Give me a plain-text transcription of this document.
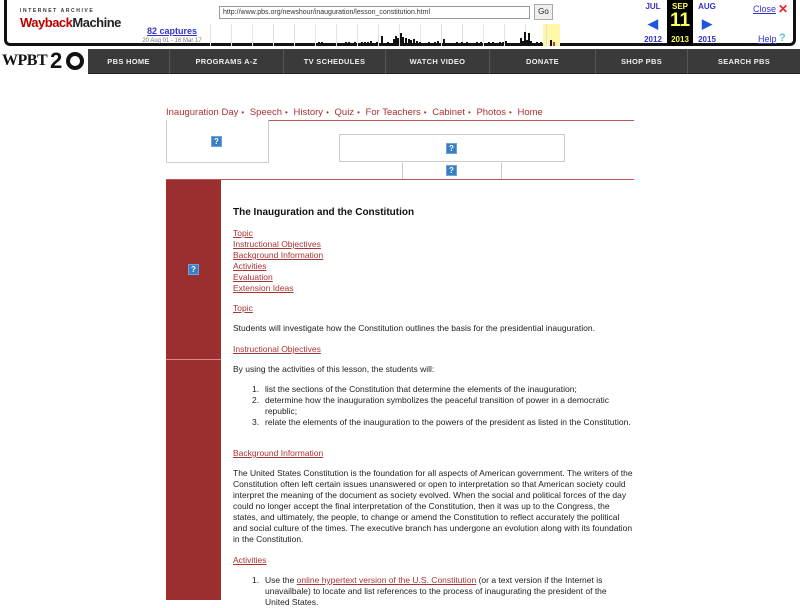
INTERNET ARCHIVE
WaybackMachine
82 captures
20 Aug 01 - 16 Mar 17
http://www.pbs.org/newshour/inauguration/lesson_constitution.html	Go
JUL
◀
2012
SEP
11
2013
AUG
▶
2015
Close ✕
Help ?
WPBT 2	PBS HOME	PROGRAMS A-Z	TV SCHEDULES	WATCH VIDEO	DONATE	SHOP PBS	SEARCH PBS
Inauguration Day • Speech • History • Quiz • For Teachers • Cabinet • Photos • Home
?
?
?
?
The Inauguration and the Constitution
Topic
Instructional Objectives
Background Information
Activities
Evaluation
Extension Ideas
Topic
Students will investigate how the Constitution outlines the basis for the presidential inauguration.
Instructional Objectives
By using the activities of this lesson, the students will:
1. list the sections of the Constitution that determine the elements of the inauguration;
2. determine how the inauguration symbolizes the peaceful transition of power in a democratic republic;
3. relate the elements of the inauguration to the powers of the president as listed in the Constitution.
Background Information
The United States Constitution is the foundation for all aspects of American government. The writers of the Constitution often left certain issues unanswered or open to interpretation so that American society could interpret the meaning of the document as society evolved. When the social and political forces of the day could no longer accept the final interpretation of the Constitution, then it was up to the Congress, the states, and ultimately, the people, to change or amend the Constitution to reflect accurately the political and social culture of the times. The executive branch has undergone an evolution along with its foundation in the Constitution.
Activities
1. Use the online hypertext version of the U.S. Constitution (or a text version if the Internet is unavailbale) to locate and list references to the process of inaugurating the president of the United States.
